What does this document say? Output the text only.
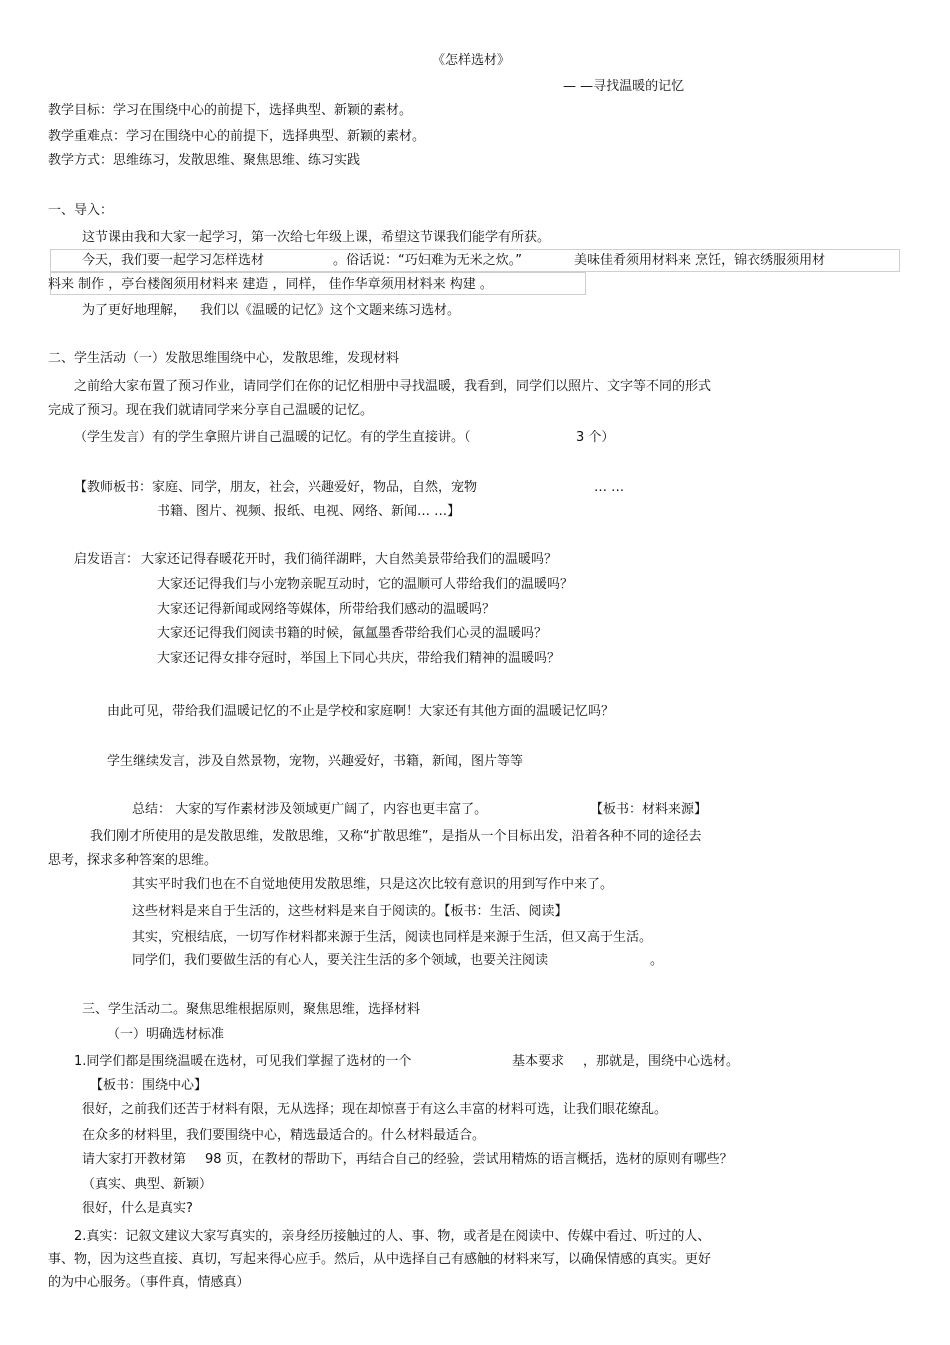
《怎样选材》
— —寻找温暖的记忆
教学目标：学习在围绕中心的前提下，选择典型、新颖的素材。
教学重难点：学习在围绕中心的前提下，选择典型、新颖的素材。
教学方式：思维练习，发散思维、聚焦思维、练习实践
一、导入：
这节课由我和大家一起学习，第一次给七年级上课，希望这节课我们能学有所获。
今天，我们要一起学习怎样选材	。俗话说：“巧妇难为无米之炊。”	美味佳肴须用材料来 烹饪，锦衣绣服须用材
料来 制作 ，亭台楼阁须用材料来 建造 ，同样， 佳作华章须用材料来 构建 。
为了更好地理解， 我们以《温暖的记忆》这个文题来练习选材。
二、学生活动（一）发散思维围绕中心，发散思维，发现材料
之前给大家布置了预习作业，请同学们在你的记忆相册中寻找温暖，我看到，同学们以照片、文字等不同的形式
完成了预习。现在我们就请同学来分享自己温暖的记忆。
（学生发言）有的学生拿照片讲自己温暖的记忆。有的学生直接讲。（	3 个）
【教师板书：家庭、同学，朋友，社会，兴趣爱好，物品，自然，宠物	… …
书籍、图片、视频、报纸、电视、网络、新闻… …】
启发语言： 大家还记得春暖花开时，我们徜徉湖畔，大自然美景带给我们的温暖吗？
大家还记得我们与小宠物亲昵互动时，它的温顺可人带给我们的温暖吗？
大家还记得新闻或网络等媒体，所带给我们感动的温暖吗？
大家还记得我们阅读书籍的时候，氤氲墨香带给我们心灵的温暖吗？
大家还记得女排夺冠时，举国上下同心共庆，带给我们精神的温暖吗？
由此可见，带给我们温暖记忆的不止是学校和家庭啊！大家还有其他方面的温暖记忆吗？
学生继续发言，涉及自然景物，宠物，兴趣爱好，书籍，新闻，图片等等
总结： 大家的写作素材涉及领域更广阔了，内容也更丰富了。	【板书：材料来源】
我们刚才所使用的是发散思维，发散思维，又称“扩散思维”，是指从一个目标出发，沿着各种不同的途径去
思考，探求多种答案的思维。
其实平时我们也在不自觉地使用发散思维，只是这次比较有意识的用到写作中来了。
这些材料是来自于生活的，这些材料是来自于阅读的。【板书：生活、阅读】
其实，究根结底，一切写作材料都来源于生活，阅读也同样是来源于生活，但又高于生活。
同学们，我们要做生活的有心人，要关注生活的多个领域，也要关注阅读	。
三、学生活动二。聚焦思维根据原则，聚焦思维，选择材料
（一）明确选材标准
1.同学们都是围绕温暖在选材，可见我们掌握了选材的一个	基本要求 ，那就是，围绕中心选材。
【板书：围绕中心】
很好，之前我们还苦于材料有限，无从选择；现在却惊喜于有这么丰富的材料可选，让我们眼花缭乱。
在众多的材料里，我们要围绕中心，精选最适合的。什么材料最适合。
请大家打开教材第 98 页，在教材的帮助下，再结合自己的经验，尝试用精炼的语言概括，选材的原则有哪些？
（真实、典型、新颖）
很好，什么是真实?
2.真实：记叙文建议大家写真实的，亲身经历接触过的人、事、物，或者是在阅读中、传媒中看过、听过的人、
事、物，因为这些直接、真切，写起来得心应手。然后，从中选择自己有感触的材料来写，以确保情感的真实。更好
的为中心服务。（事件真，情感真）
